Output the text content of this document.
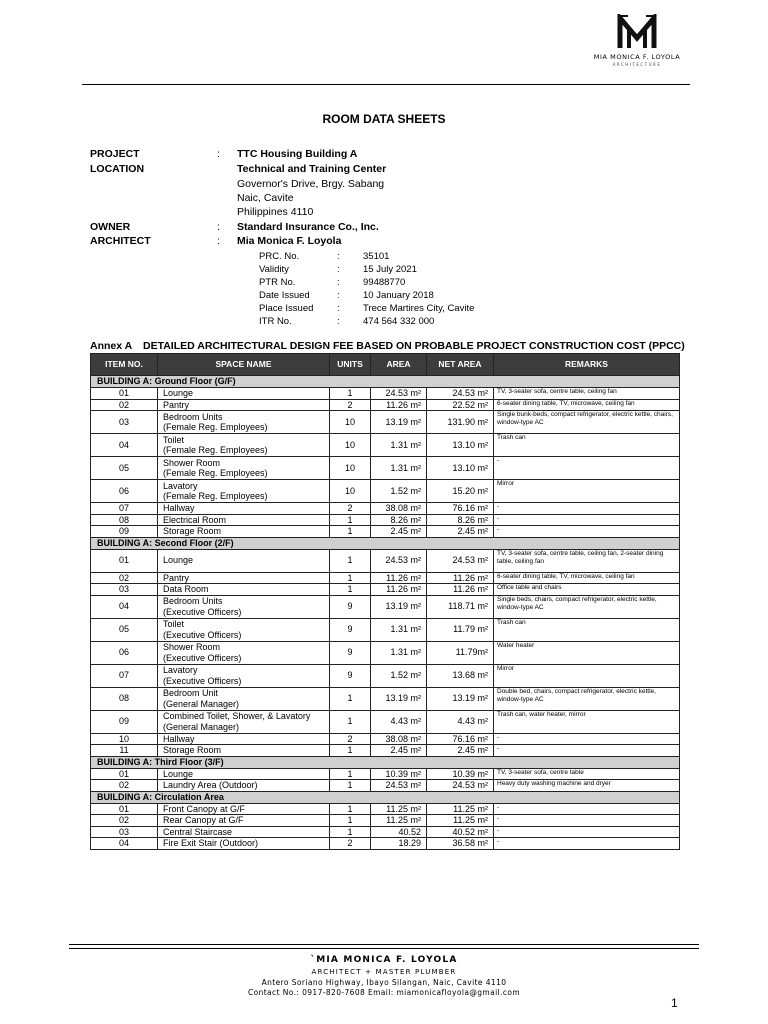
MIA MONICA F. LOYOLA
ARCHITECTURE
ROOM DATA SHEETS
PROJECT	: TTC Housing Building A
LOCATION	Technical and Training Center
Governor's Drive, Brgy. Sabang
Naic, Cavite
Philippines 4110
OWNER	: Standard Insurance Co., Inc.
ARCHITECT	: Mia Monica F. Loyola
PRC. No.	: 35101
Validity	: 15 July 2021
PTR No.	: 99488770
Date Issued	: 10 January 2018
Place Issued : Trece Martires City, Cavite
ITR No.	: 474 564 332 000
Annex A DETAILED ARCHITECTURAL DESIGN FEE BASED ON PROBABLE PROJECT CONSTRUCTION COST (PPCC)
ITEM NO.	SPACE NAME	UNITS	AREA	NET AREA	REMARKS
BUILDING A: Ground Floor (G/F)					
01	Lounge	1	24.53 m²	24.53 m²	TV, 3-seater sofa, centre table, ceiling fan
02	Pantry	2	11.26 m²	22.52 m²	6-seater dining table, TV, microwave, ceiling fan
03	Bedroom Units
(Female Reg. Employees)	10	13.19 m²	131.90 m²	Single bunk-beds, compact refrigerator, electric kettle, chairs, window-type AC
04	Toilet
(Female Reg. Employees)	10	1.31 m²	13.10 m²	Trash can
05	Shower Room
(Female Reg. Employees)	10	1.31 m²	13.10 m²	-
06	Lavatory
(Female Reg. Employees)	10	1.52 m²	15.20 m²	Mirror
07	Hallway	2	38.08 m²	76.16 m²	-
08	Electrical Room	1	8.26 m²	8.26 m²	-
09	Storage Room	1	2.45 m²	2.45 m²	-
BUILDING A: Second Floor (2/F)					
01	Lounge	1	24.53 m²	24.53 m²	TV, 3-seater sofa, centre table, ceiling fan, 2-seater dining table, ceiling fan
02	Pantry	1	11.26 m²	11.26 m²	6-seater dining table, TV, microwave, ceiling fan
03	Data Room	1	11.26 m²	11.26 m²	Office table and chairs
04	Bedroom Units
(Executive Officers)	9	13.19 m²	118.71 m²	Single beds, chairs, compact refrigerator, electric kettle, window-type AC
05	Toilet
(Executive Officers)	9	1.31 m²	11.79 m²	Trash can
06	Shower Room
(Executive Officers)	9	1.31 m²	11.79m²	Water heater
07	Lavatory
(Executive Officers)	9	1.52 m²	13.68 m²	Mirror
08	Bedroom Unit
(General Manager)	1	13.19 m²	13.19 m²	Double bed, chairs, compact refrigerator, electric kettle, window-type AC
09	Combined Toilet, Shower, & Lavatory
(General Manager)	1	4.43 m²	4.43 m²	Trash can, water heater, mirror
10	Hallway	2	38.08 m²	76.16 m²	-
11	Storage Room	1	2.45 m²	2.45 m²	-
BUILDING A: Third Floor (3/F)					
01	Lounge	1	10.39 m²	10.39 m²	TV, 3-seater sofa, centre table
02	Laundry Area (Outdoor)	1	24.53 m²	24.53 m²	Heavy duty washing machine and dryer
BUILDING A: Circulation Area					
01	Front Canopy at G/F	1	11.25 m²	11.25 m²	-
02	Rear Canopy at G/F	1	11.25 m²	11.25 m²	-
03	Central Staircase	1	40.52	40.52 m²	-
04	Fire Exit Stair (Outdoor)	2	18.29	36.58 m²	-
`MIA MONICA F. LOYOLA
ARCHITECT + MASTER PLUMBER
Antero Soriano Highway, Ibayo Silangan, Naic, Cavite 4110
Contact No.: 0917-820-7608 Email: miamonicafloyola@gmail.com
1
